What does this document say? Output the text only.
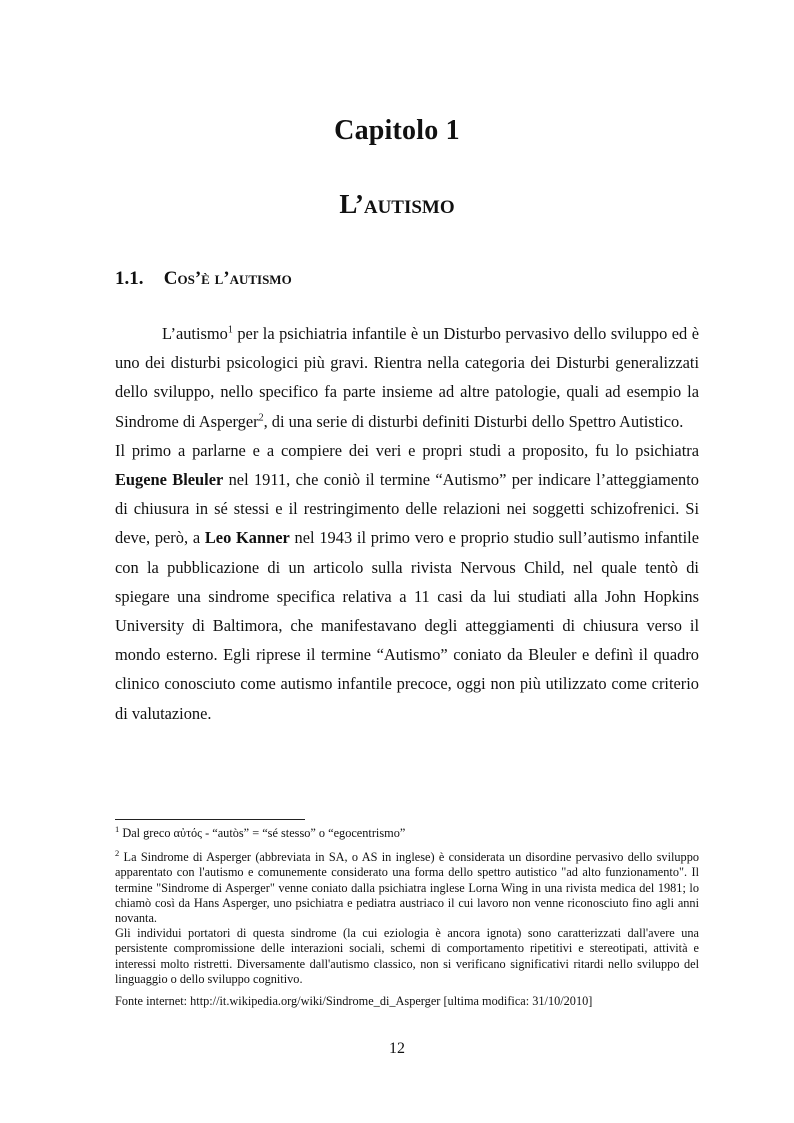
Capitolo 1
L’autismo
1.1. Cos’è l’autismo

L’autismo$^1$ per la psichiatria infantile è un Disturbo pervasivo dello sviluppo ed è uno dei disturbi psicologici più gravi. Rientra nella categoria dei Disturbi generalizzati dello sviluppo, nello specifico fa parte insieme ad altre patologie, quali ad esempio la Sindrome di Asperger$^2$, di una serie di disturbi definiti Disturbi dello Spettro Autistico.

Il primo a parlarne e a compiere dei veri e propri studi a proposito, fu lo psichiatra Eugene Bleuler nel 1911, che coniò il termine “Autismo” per indicare l’atteggiamento di chiusura in sé stessi e il restringimento delle relazioni nei soggetti schizofrenici. Si deve, però, a Leo Kanner nel 1943 il primo vero e proprio studio sull’autismo infantile con la pubblicazione di un articolo sulla rivista Nervous Child, nel quale tentò di spiegare una sindrome specifica relativa a 11 casi da lui studiati alla John Hopkins University di Baltimora, che manifestavano degli atteggiamenti di chiusura verso il mondo esterno. Egli riprese il termine “Autismo” coniato da Bleuler e definì il quadro clinico conosciuto come autismo infantile precoce, oggi non più utilizzato come criterio di valutazione.

$^1$ Dal greco αὐτός - “autòs” = “sé stesso” o “egocentrismo”

$^2$ La Sindrome di Asperger (abbreviata in SA, o AS in inglese) è considerata un disordine pervasivo dello sviluppo apparentato con l'autismo e comunemente considerato una forma dello spettro autistico "ad alto funzionamento". Il termine "Sindrome di Asperger" venne coniato dalla psichiatra inglese Lorna Wing in una rivista medica del 1981; lo chiamò così da Hans Asperger, uno psichiatra e pediatra austriaco il cui lavoro non venne riconosciuto fino agli anni novanta.

Gli individui portatori di questa sindrome (la cui eziologia è ancora ignota) sono caratterizzati dall'avere una persistente compromissione delle interazioni sociali, schemi di comportamento ripetitivi e stereotipati, attività e interessi molto ristretti. Diversamente dall'autismo classico, non si verificano significativi ritardi nello sviluppo del linguaggio o dello sviluppo cognitivo.

Fonte internet: http://it.wikipedia.org/wiki/Sindrome_di_Asperger [ultima modifica: 31/10/2010]

12
